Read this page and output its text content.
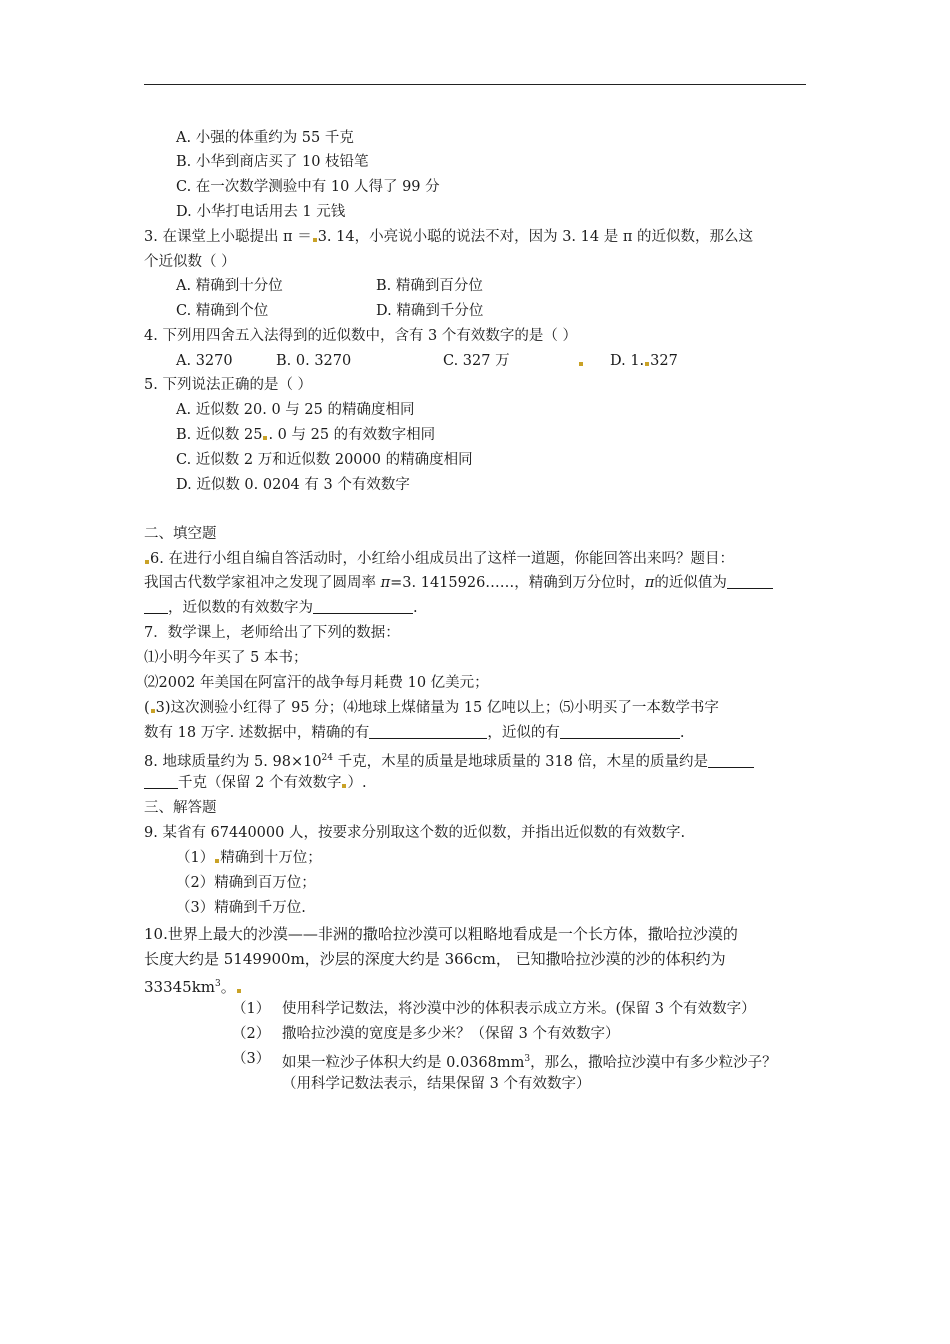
A. 小强的体重约为 55 千克
B. 小华到商店买了 10 枝铅笔
C. 在一次数学测验中有 10 人得了 99 分
D. 小华打电话用去 1 元钱
3. 在课堂上小聪提出 π ＝ 3. 14，小亮说小聪的说法不对，因为 3. 14 是 π 的近似数，那么这
个近似数（ ）
A. 精确到十分位	B. 精确到百分位
C. 精确到个位	D. 精确到千分位
4. 下列用四舍五入法得到的近似数中，含有 3 个有效数字的是（ ）
A. 3270	B. 0. 3270	C. 327 万	D. 1. 327
5. 下列说法正确的是（ ）
A. 近似数 20. 0 与 25 的精确度相同
B. 近似数 25 . 0 与 25 的有效数字相同
C. 近似数 2 万和近似数 20000 的精确度相同
D. 近似数 0. 0204 有 3 个有效数字
二、填空题
6. 在进行小组自编自答活动时，小红给小组成员出了这样一道题，你能回答出来吗？题目：
我国古代数学家祖冲之发现了圆周率 π=3. 1415926……，精确到万分位时，π的近似值为
，近似数的有效数字为	.
7．数学课上，老师给出了下列的数据：
⑴小明今年买了 5 本书；
⑵2002 年美国在阿富汗的战争每月耗费 10 亿美元；
( 3)这次测验小红得了 95 分；⑷地球上煤储量为 15 亿吨以上；⑸小明买了一本数学书字
数有 18 万字. 述数据中，精确的有	，近似的有	.
8. 地球质量约为 5. $98\times 10^{24}$ 千克，木星的质量是地球质量的 318 倍，木星的质量约是
千克（保留 2 个有效数字 ）.
三、解答题
9. 某省有 67440000 人，按要求分别取这个数的近似数，并指出近似数的有效数字.
（1） 精确到十万位；
（2）精确到百万位；
（3）精确到千万位.
10.世界上最大的沙漠——非洲的撒哈拉沙漠可以粗略地看成是一个长方体，撒哈拉沙漠的
长度大约是 5149900m，沙层的深度大约是 366cm， 已知撒哈拉沙漠的沙的体积约为
$33345km^3$。
（1） 使用科学记数法，将沙漠中沙的体积表示成立方米。(保留 3 个有效数字）
（2） 撒哈拉沙漠的宽度是多少米？（保留 3 个有效数字）
（3） 如果一粒沙子体积大约是 $0.0368mm^3$，那么，撒哈拉沙漠中有多少粒沙子？
（用科学记数法表示，结果保留 3 个有效数字）
